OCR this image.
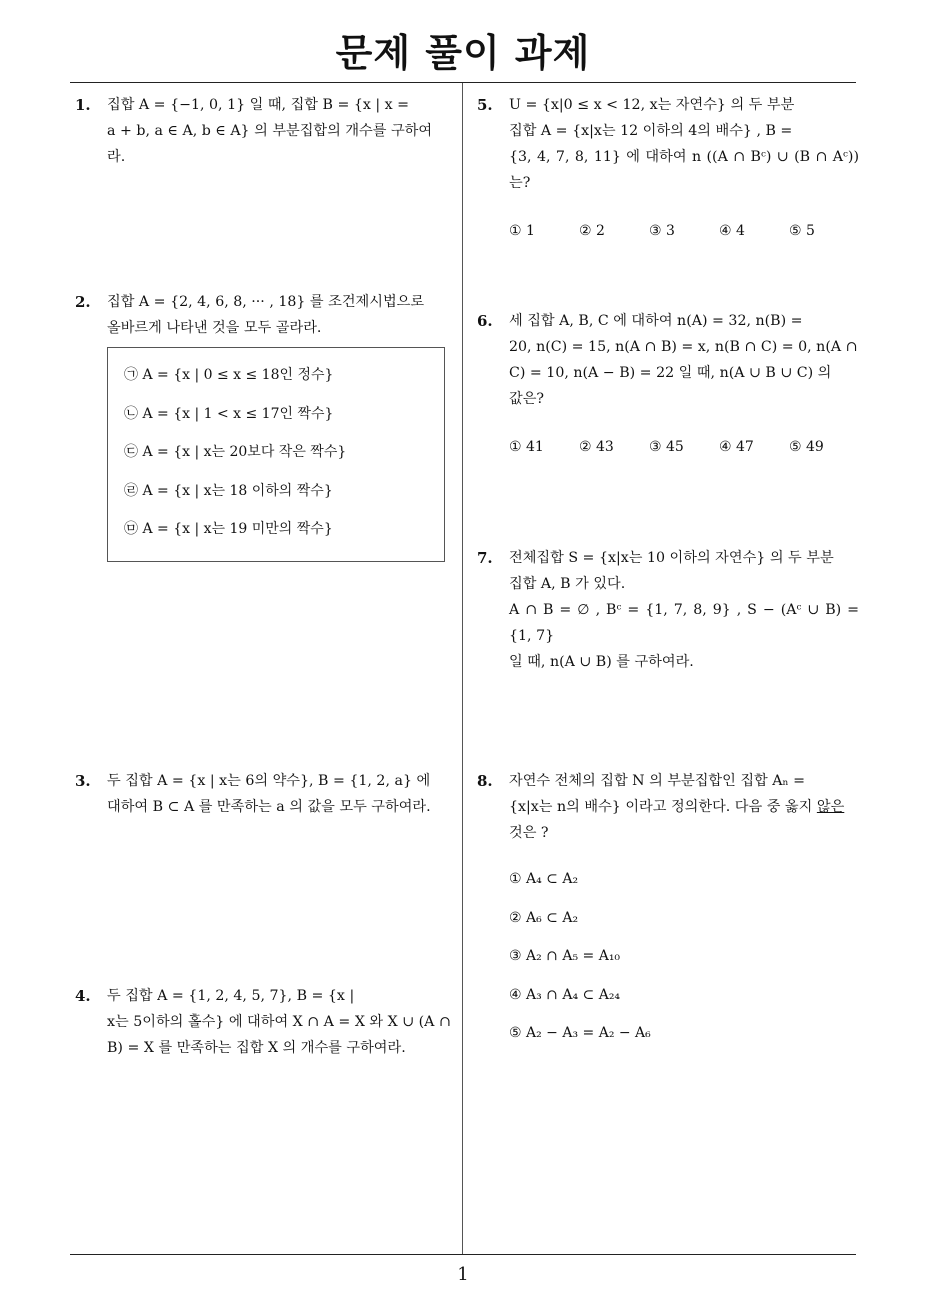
문제 풀이 과제
1
1. 집합 A = {−1, 0, 1} 일 때, 집합 B = {x | x =
a + b, a ∈ A, b ∈ A} 의 부분집합의 개수를 구하여
라.
2. 집합 A = {2, 4, 6, 8, ··· , 18} 를 조건제시법으로
올바르게 나타낸 것을 모두 골라라.
㉠ A = {x | 0 ≤ x ≤ 18인 정수}
㉡ A = {x | 1 < x ≤ 17인 짝수}
㉢ A = {x | x는 20보다 작은 짝수}
㉣ A = {x | x는 18 이하의 짝수}
㉤ A = {x | x는 19 미만의 짝수}
3. 두 집합 A = {x | x는 6의 약수}, B = {1, 2, a} 에
대하여 B ⊂ A 를 만족하는 a 의 값을 모두 구하여라.
4. 두 집합 A = {1, 2, 4, 5, 7}, B = {x |
x는 5이하의 홀수} 에 대하여 X ∩ A = X 와 X ∪ (A ∩
B) = X 를 만족하는 집합 X 의 개수를 구하여라.
5. U = {x|0 ≤ x < 12, x는 자연수} 의 두 부분
집합 A = {x|x는 12 이하의 4의 배수} , B =
{3, 4, 7, 8, 11} 에 대하여 n ((A ∩ Bᶜ) ∪ (B ∩ Aᶜ)) 는?
① 1	② 2	③ 3	④ 4	⑤ 5
6. 세 집합 A, B, C 에 대하여 n(A) = 32, n(B) =
20, n(C) = 15, n(A ∩ B) = x, n(B ∩ C) = 0, n(A ∩
C) = 10, n(A − B) = 22 일 때, n(A ∪ B ∪ C) 의
값은?
① 41	② 43	③ 45	④ 47	⑤ 49
7. 전체집합 S = {x|x는 10 이하의 자연수} 의 두 부분
집합 A, B 가 있다.
A ∩ B = ∅ , Bᶜ = {1, 7, 8, 9} , S − (Aᶜ ∪ B) = {1, 7}
일 때, n(A ∪ B) 를 구하여라.
8. 자연수 전체의 집합 N 의 부분집합인 집합 Aₙ =
{x|x는 n의 배수} 이라고 정의한다. 다음 중 옳지 않은
것은 ?
① A₄ ⊂ A₂
② A₆ ⊂ A₂
③ A₂ ∩ A₅ = A₁₀
④ A₃ ∩ A₄ ⊂ A₂₄
⑤ A₂ − A₃ = A₂ − A₆
